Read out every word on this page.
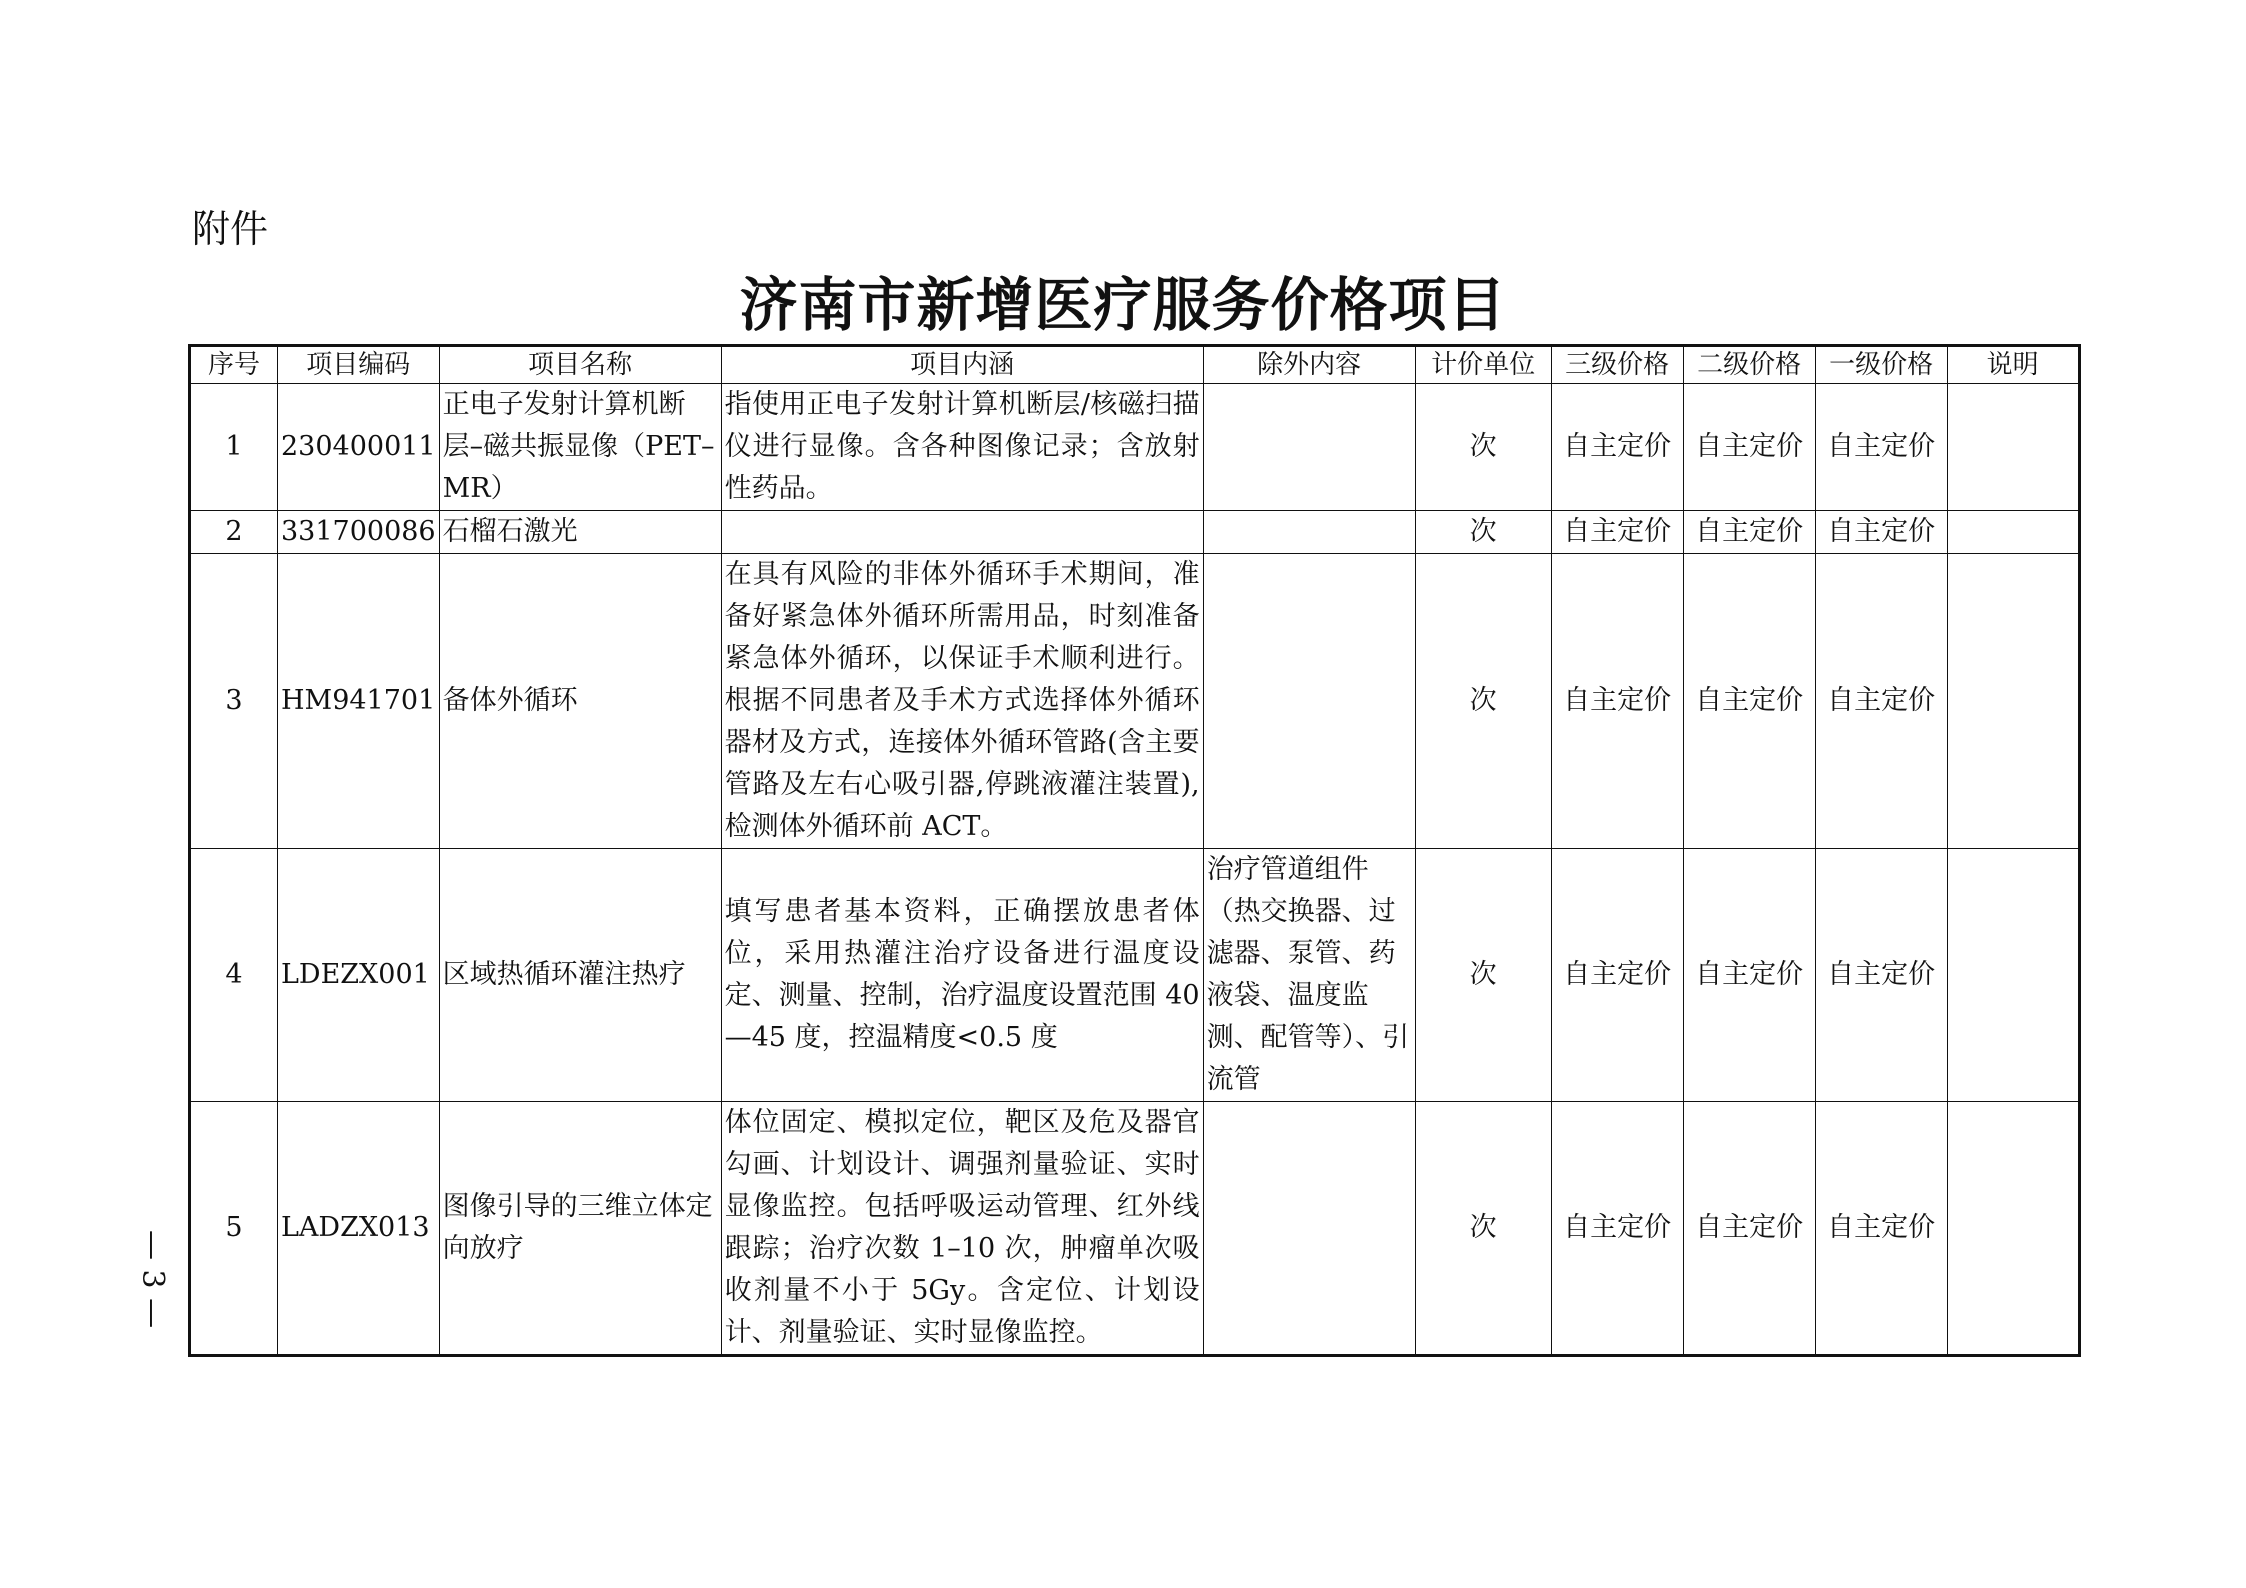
附件
济南市新增医疗服务价格项目
序号	项目编码	项目名称	项目内涵	除外内容	计价单位	三级价格	二级价格	一级价格	说明
1	230400011	正电子发射计算机断层–磁共振显像（PET–MR）	指使用正电子发射计算机断层/核磁扫描仪进行显像。含各种图像记录；含放射性药品。		次	自主定价	自主定价	自主定价	
2	331700086	石榴石激光			次	自主定价	自主定价	自主定价	
3	HM941701	备体外循环	在具有风险的非体外循环手术期间，准备好紧急体外循环所需用品，时刻准备紧急体外循环，以保证手术顺利进行。根据不同患者及手术方式选择体外循环器材及方式，连接体外循环管路(含主要管路及左右心吸引器,停跳液灌注装置),检测体外循环前 ACT。		次	自主定价	自主定价	自主定价	
4	LDEZX001	区域热循环灌注热疗	填写患者基本资料，正确摆放患者体位，采用热灌注治疗设备进行温度设定、测量、控制，治疗温度设置范围 40—45 度，控温精度<0.5 度	治疗管道组件（热交换器、过滤器、泵管、药液袋、温度监测、配管等）、引流管	次	自主定价	自主定价	自主定价	
5	LADZX013	图像引导的三维立体定向放疗	体位固定、模拟定位，靶区及危及器官勾画、计划设计、调强剂量验证、实时显像监控。包括呼吸运动管理、红外线跟踪；治疗次数 1–10 次，肿瘤单次吸收剂量不小于 5Gy。含定位、计划设计、剂量验证、实时显像监控。		次	自主定价	自主定价	自主定价	
— 3 —
